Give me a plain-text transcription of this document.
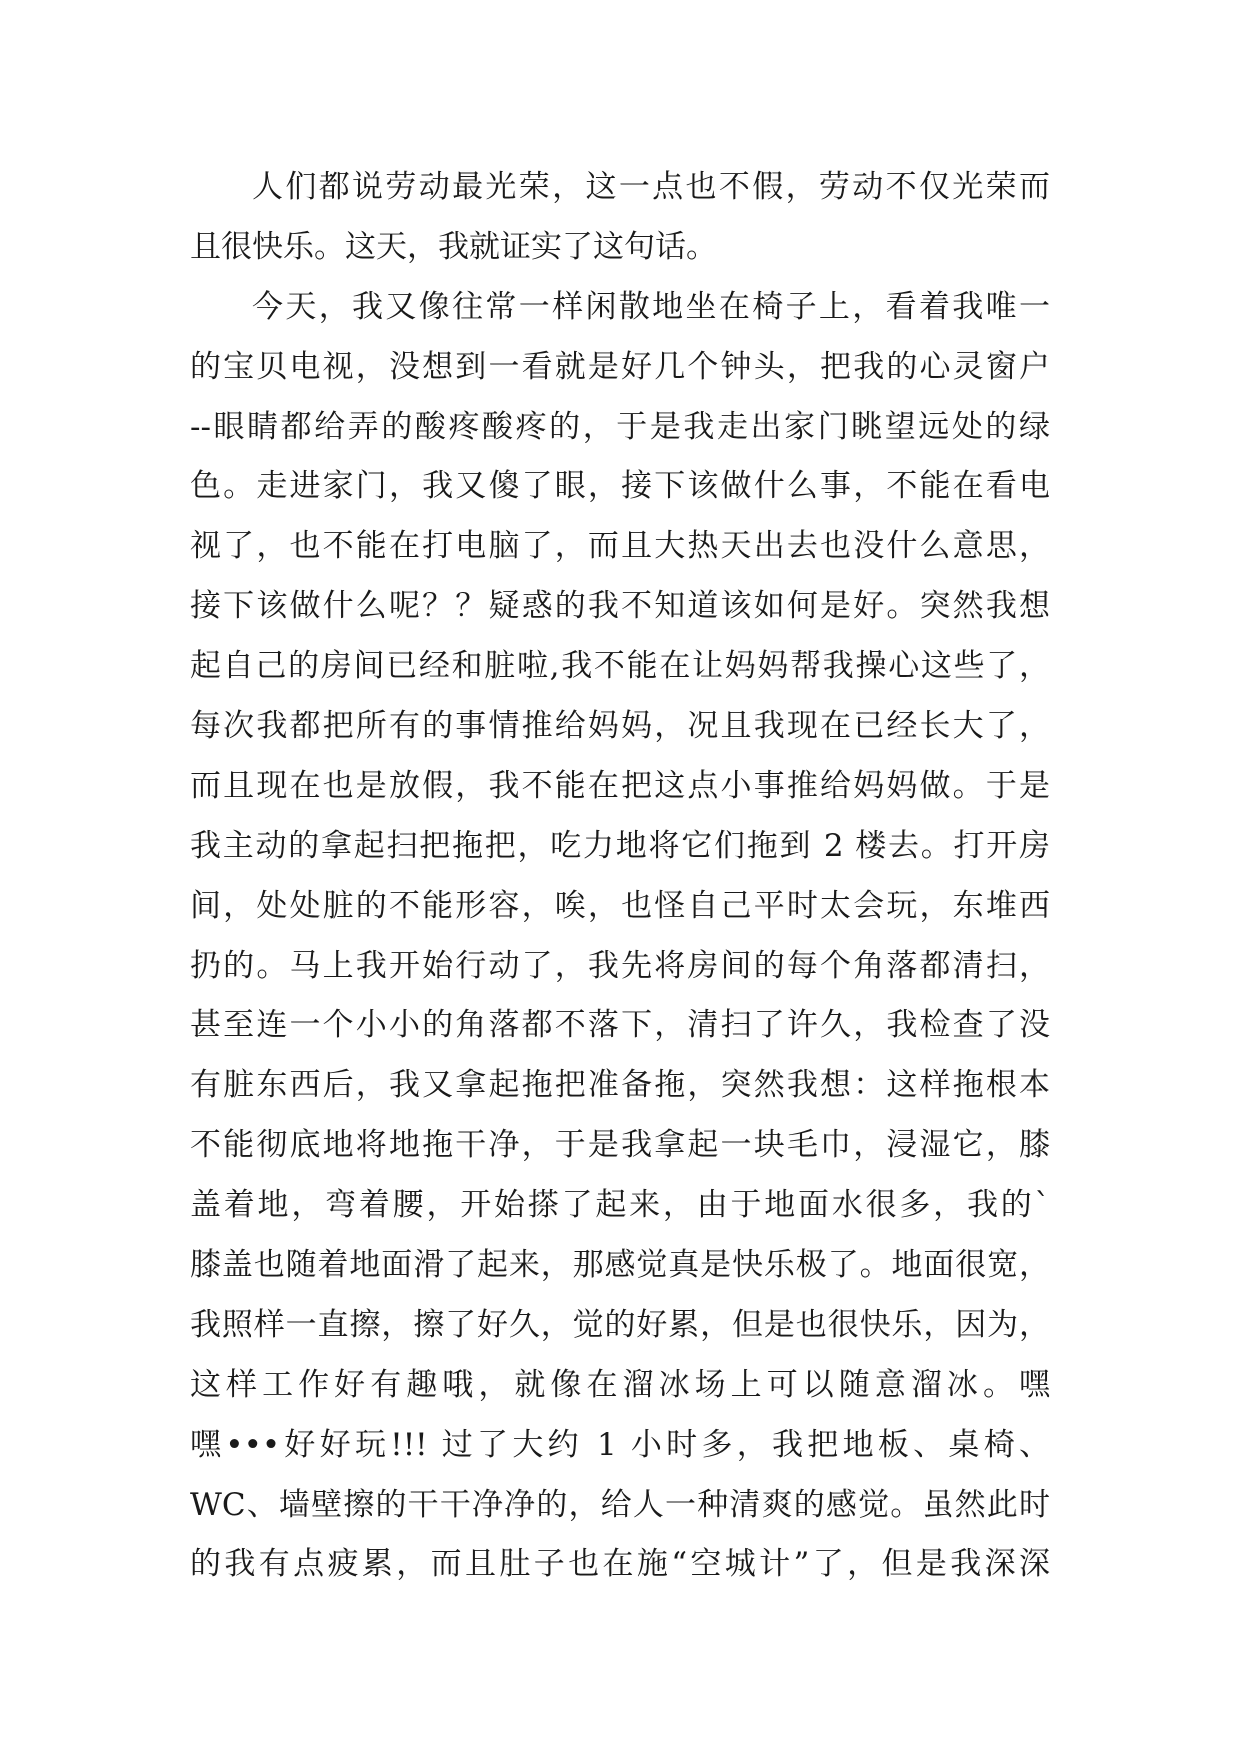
人们都说劳动最光荣，这一点也不假，劳动不仅光荣而
且很快乐。这天，我就证实了这句话。
今天，我又像往常一样闲散地坐在椅子上，看着我唯一
的宝贝电视，没想到一看就是好几个钟头，把我的心灵窗户
--眼睛都给弄的酸疼酸疼的，于是我走出家门眺望远处的绿
色。走进家门，我又傻了眼，接下该做什么事，不能在看电
视了，也不能在打电脑了，而且大热天出去也没什么意思，
接下该做什么呢？？疑惑的我不知道该如何是好。突然我想
起自己的房间已经和脏啦,我不能在让妈妈帮我操心这些了，
每次我都把所有的事情推给妈妈，况且我现在已经长大了，
而且现在也是放假，我不能在把这点小事推给妈妈做。于是
我主动的拿起扫把拖把，吃力地将它们拖到 2 楼去。打开房
间，处处脏的不能形容，唉，也怪自己平时太会玩，东堆西
扔的。马上我开始行动了，我先将房间的每个角落都清扫，
甚至连一个小小的角落都不落下，清扫了许久，我检查了没
有脏东西后，我又拿起拖把准备拖，突然我想：这样拖根本
不能彻底地将地拖干净，于是我拿起一块毛巾，浸湿它，膝
盖着地，弯着腰，开始搽了起来，由于地面水很多，我的`
膝盖也随着地面滑了起来，那感觉真是快乐极了。地面很宽，
我照样一直擦，擦了好久，觉的好累，但是也很快乐，因为，
这样工作好有趣哦，就像在溜冰场上可以随意溜冰。嘿
嘿•••好好玩!!! 过了大约 1 小时多，我把地板、桌椅、
WC、墙壁擦的干干净净的，给人一种清爽的感觉。虽然此时
的我有点疲累，而且肚子也在施“空城计”了，但是我深深
